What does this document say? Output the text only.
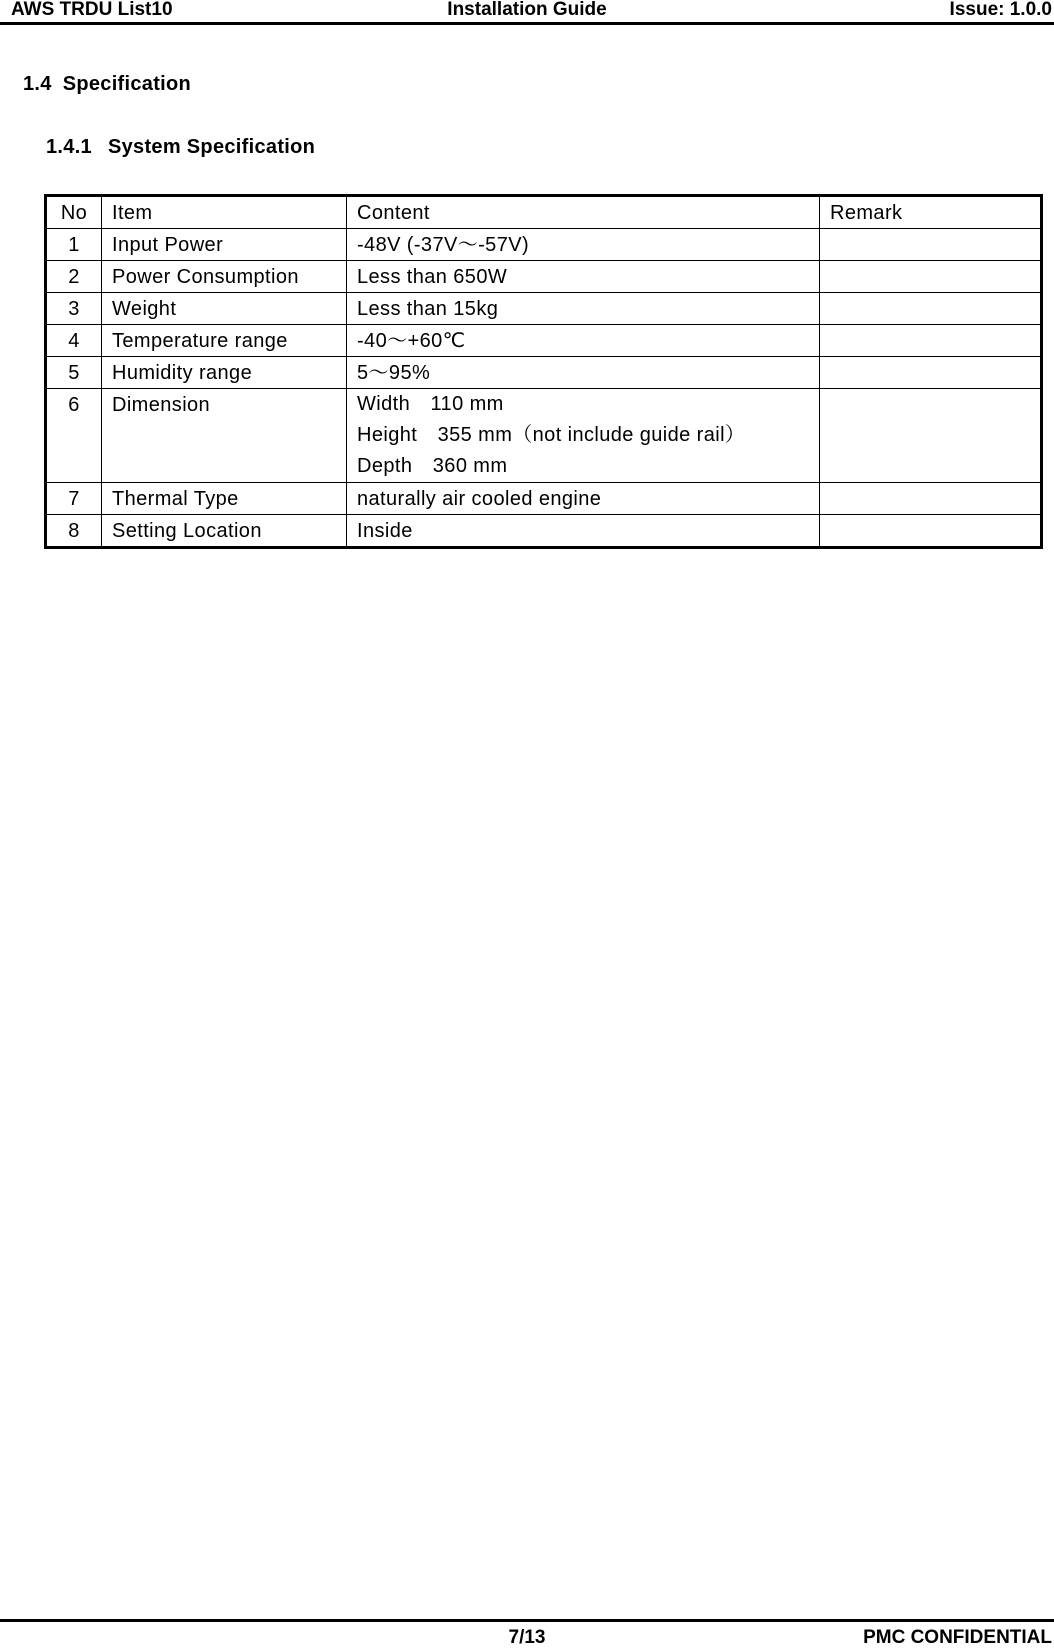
Installation Guide
AWS TRDU List10	Issue: 1.0.0
1.4 Specification
1.4.1 System Specification
No	Item	Content	Remark
1	Input Power	-48V (-37V〜-57V)	
2	Power Consumption	Less than 650W	
3	Weight	Less than 15kg	
4	Temperature range	-40〜+60℃	
5	Humidity range	5〜95%	
6	Dimension	Width　110 mm
Height　355 mm（not include guide rail）
Depth　360 mm	

7	Thermal Type	naturally air cooled engine	
8	Setting Location	Inside	
7/13	PMC CONFIDENTIAL
